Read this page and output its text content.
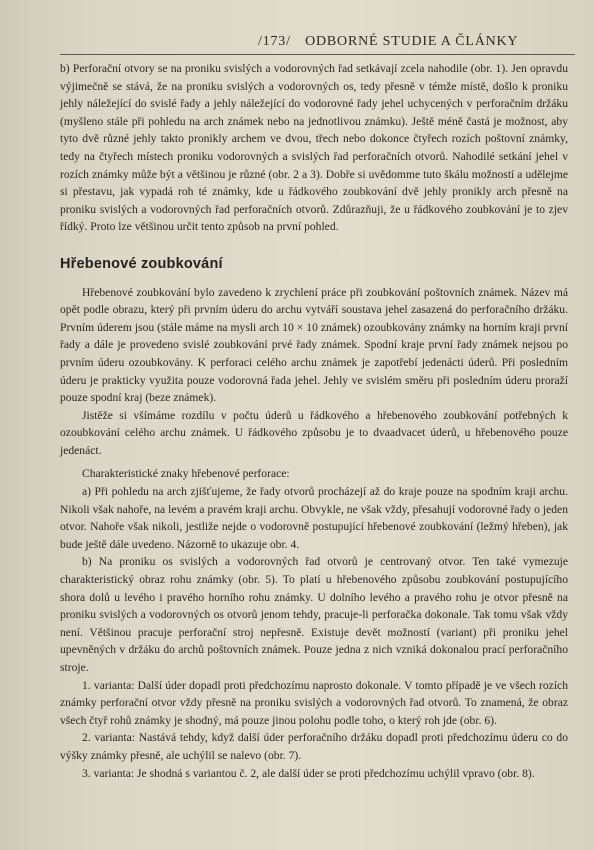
/173/ ODBORNÉ STUDIE A ČLÁNKY

b) Perforační otvory se na proniku svislých a vodorovných řad setkávají zcela nahodile (obr. 1). Jen opravdu výjimečně se stává, že na proniku svislých a vodorovných os, tedy přesně v témže místě, došlo k proniku jehly náležející do svislé řady a jehly náležející do vodorovné řady jehel uchycených v perforačním držáku (myšleno stále při pohledu na arch známek nebo na jednotlivou známku). Ještě méně častá je možnost, aby tyto dvě různé jehly takto pronikly archem ve dvou, třech nebo dokonce čtyřech rozích poštovní známky, tedy na čtyřech místech proniku vodorovných a svislých řad perforačních otvorů. Nahodilé setkání jehel v rozích známky může být a většinou je různé (obr. 2 a 3). Dobře si uvědomme tuto škálu možností a udělejme si přestavu, jak vypadá roh té známky, kde u řádkového zoubkování dvě jehly pronikly arch přesně na proniku svislých a vodorovných řad perforačních otvorů. Zdůrazňuji, že u řádkového zoubkování je to zjev řídký. Proto lze většinou určit tento způsob na první pohled.

Hřebenové zoubkování

Hřebenové zoubkování bylo zavedeno k zrychlení práce při zoubkování poštovních známek. Název má opět podle obrazu, který při prvním úderu do archu vytváří soustava jehel zasazená do perforačního držáku. Prvním úderem jsou (stále máme na mysli arch 10 × 10 známek) ozoubkovány známky na horním kraji první řady a dále je provedeno svislé zoubkování prvé řady známek. Spodní kraje první řady známek nejsou po prvním úderu ozoubkovány. K perforaci celého archu známek je zapotřebí jedenácti úderů. Při posledním úderu je prakticky využita pouze vodorovná řada jehel. Jehly ve svislém směru při posledním úderu proraží pouze spodní kraj (beze známek).

Jistěže si všímáme rozdílu v počtu úderů u řádkového a hřebenového zoubkování potřebných k ozoubkování celého archu známek. U řádkového způsobu je to dvaadvacet úderů, u hřebenového pouze jedenáct.

Charakteristické znaky hřebenové perforace:

a) Při pohledu na arch zjišťujeme, že řady otvorů procházejí až do kraje pouze na spodním kraji archu. Nikoli však nahoře, na levém a pravém kraji archu. Obvykle, ne však vždy, přesahují vodorovné řady o jeden otvor. Nahoře však nikoli, jestliže nejde o vodorovně postupující hřebenové zoubkování (ležmý hřeben), jak bude ještě dále uvedeno. Názorně to ukazuje obr. 4.

b) Na proniku os svislých a vodorovných řad otvorů je centrovaný otvor. Ten také vymezuje charakteristický obraz rohu známky (obr. 5). To platí u hřebenového způsobu zoubkování postupujícího shora dolů u levého i pravého horního rohu známky. U dolního levého a pravého rohu je otvor přesně na proniku svislých a vodorovných os otvorů jenom tehdy, pracuje-li perforačka dokonale. Tak tomu však vždy není. Většinou pracuje perforační stroj nepřesně. Existuje devět možností (variant) při proniku jehel upevněných v držáku do archů poštovních známek. Pouze jedna z nich vzniká dokonalou prací perforačního stroje.

1. varianta: Další úder dopadl proti předchozímu naprosto dokonale. V tomto případě je ve všech rozích známky perforační otvor vždy přesně na proniku svislých a vodorovných řad otvorů. To znamená, že obraz všech čtyř rohů známky je shodný, má pouze jinou polohu podle toho, o který roh jde (obr. 6).

2. varianta: Nastává tehdy, když další úder perforačního držáku dopadl proti předchozímu úderu co do výšky známky přesně, ale uchýlil se nalevo (obr. 7).

3. varianta: Je shodná s variantou č. 2, ale další úder se proti předchozímu uchýlil vpravo (obr. 8).
